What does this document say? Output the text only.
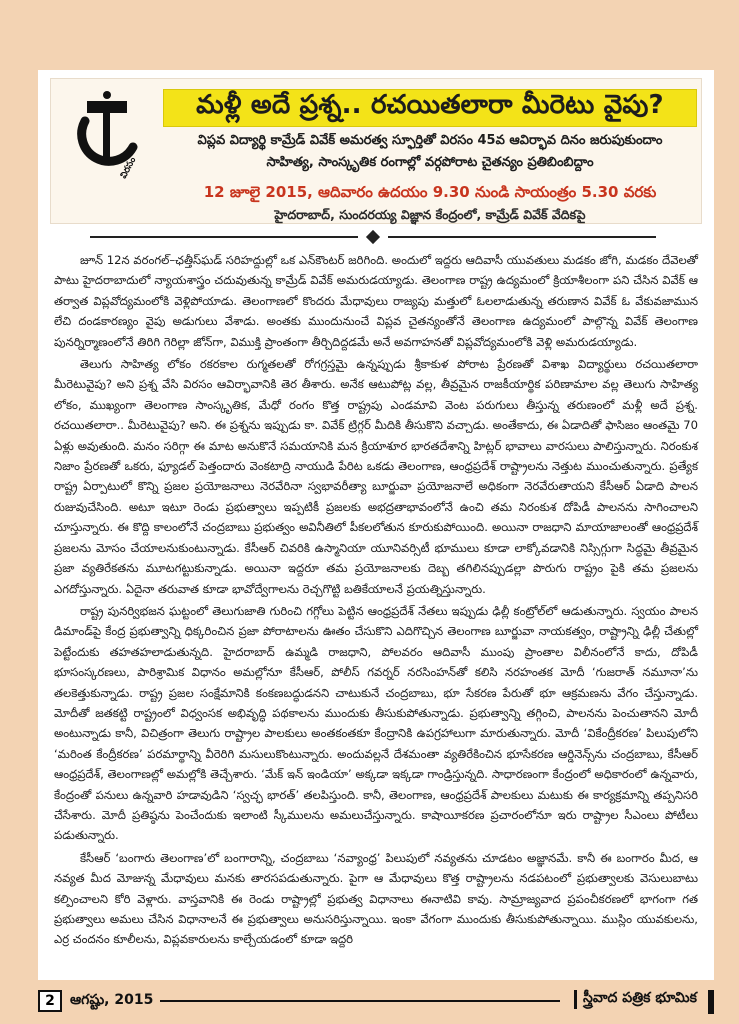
విరసం
మళ్లీ అదే ప్రశ్న.. రచయితలారా మీరెటు వైపు?
విప్లవ విద్యార్థి కామ్రేడ్ వివేక్ అమరత్వ స్ఫూర్తితో విరసం 45వ ఆవిర్భావ దినం జరుపుకుందాం
సాహిత్య, సాంస్కృతిక రంగాల్లో వర్గపోరాట చైతన్యం ప్రతిబింబిద్దాం
12 జూలై 2015, ఆదివారం ఉదయం 9.30 నుండి సాయంత్రం 5.30 వరకు
హైదరాబాద్, సుందరయ్య విజ్ఞాన కేంద్రంలో, కామ్రేడ్ వివేక్ వేదికపై

జూన్ 12న వరంగల్–ఛత్తీస్‌ఘడ్ సరిహద్దుల్లో ఒక ఎన్‌కౌంటర్ జరిగింది. అందులో ఇద్దరు ఆదివాసీ యువతులు మడకం జోగి, మడకం దేవెలతో పాటు హైదరాబాదులో న్యాయశాస్త్రం చదువుతున్న కామ్రేడ్ వివేక్ అమరుడయ్యాడు. తెలంగాణ రాష్ట్ర ఉద్యమంలో క్రియాశీలంగా పని చేసిన వివేక్ ఆ తర్వాత విప్లవోద్యమంలోకి వెళ్లిపోయాడు. తెలంగాణలో కొందరు మేధావులు రాజ్యపు మత్తులో ఓలలాడుతున్న తరుణాన వివేక్ ఓ వేకువజామున లేచి దండకారణ్యం వైపు అడుగులు వేశాడు. అంతకు ముందునుంచే విప్లవ చైతన్యంతోనే తెలంగాణ ఉద్యమంలో పాల్గొన్న వివేక్ తెలంగాణ పునర్నిర్మాణంలోనే తిరిగి గెరిల్లా జోన్‌గా, విముక్తి ప్రాంతంగా తీర్చిదిద్దడమే అనే అవగాహనతో విప్లవోద్యమంలోకి వెళ్లి అమరుడయ్యాడు.

తెలుగు సాహిత్య లోకం రకరకాల రుగ్మతలతో రోగగ్రస్తమై ఉన్నప్పుడు శ్రీకాకుళ పోరాట ప్రేరణతో విశాఖ విద్యార్థులు రచయితలారా మీరెటువైపు? అని ప్రశ్న వేసి విరసం ఆవిర్భావానికి తెర తీశారు. అనేక ఆటుపోట్ల వల్ల, తీవ్రమైన రాజకీయార్థిక పరిణామాల వల్ల తెలుగు సాహిత్య లోకం, ముఖ్యంగా తెలంగాణ సాంస్కృతిక, మేధో రంగం కొత్త రాష్ట్రపు ఎండమావి వెంట పరుగులు తీస్తున్న తరుణంలో మళ్లీ అదే ప్రశ్న. రచయితలారా.. మీరెటువైపు? అని. ఈ ప్రశ్నను ఇప్పుడు కా. వివేక్ ట్రిగ్గర్ మీదికి తీసుకొని వచ్చాడు. అంతేకాదు, ఈ ఏడాదితో ఫాసిజం ఆంతమై 70 ఏళ్లు అవుతుంది. మనం సరిగ్గా ఈ మాట అనుకొనే సమయానికి మన క్రియాశూర భారతదేశాన్ని హిట్లర్ భావాలు వారసులు పాలిస్తున్నారు. నిరంకుశ నిజాం ప్రేరణతో ఒకరు, ఫ్యూడల్ పెత్తందారు వెంకటాద్రి నాయుడి పేరిట ఒకడు తెలంగాణ, ఆంధ్రప్రదేశ్ రాష్ట్రాలను నెత్తుట ముంచుతున్నారు. ప్రత్యేక రాష్ట్ర ఏర్పాటులో కొన్ని ప్రజల ప్రయోజనాలు నెరవేరినా స్వభావరీత్యా బూర్జువా ప్రయోజనాలే అధికంగా నెరవేరుతాయని కేసీఆర్ ఏడాది పాలన రుజువుచేసింది. అటూ ఇటూ రెండు ప్రభుత్వాలు ఇప్పటికీ ప్రజలకు అభద్రతాభావంలోనే ఉంచి తమ నిరంకుశ దోపిడీ పాలనను సాగించాలని చూస్తున్నారు. ఈ కొద్ది కాలంలోనే చంద్రబాబు ప్రభుత్వం అవినీతిలో పీకలలోతున కూరుకుపోయింది. అయినా రాజధాని మాయాజాలంతో ఆంధ్రప్రదేశ్ ప్రజలను మోసం చేయాలనుకుంటున్నాడు. కేసీఆర్ చివరికి ఉస్మానియా యూనివర్సిటీ భూములు కూడా లాక్కోవడానికి నిస్సిగ్గుగా సిద్ధమై తీవ్రమైన ప్రజా వ్యతిరేకతను మూటగట్టుకున్నాడు. అయినా ఇద్దరూ తమ ప్రయోజనాలకు దెబ్బ తగిలినప్పుడల్లా పొరుగు రాష్ట్రం పైకి తమ ప్రజలను ఎగదోస్తున్నారు. ఏదైనా తరువాత కూడా భావోద్వేగాలను రెచ్చగొట్టి బతికేయాలనే ప్రయత్నిస్తున్నారు.

రాష్ట్ర పునర్విభజన ఘట్టంలో తెలుగుజాతి గురించి గగ్గోలు పెట్టిన ఆంధ్రప్రదేశ్ నేతలు ఇప్పుడు ఢిల్లీ కంట్రోల్‌లో ఆడుతున్నారు. స్వయం పాలన డిమాండ్‌పై కేంద్ర ప్రభుత్వాన్ని ధిక్కరించిన ప్రజా పోరాటాలను ఊతం చేసుకొని ఎదిగొచ్చిన తెలంగాణ బూర్జువా నాయకత్వం, రాష్ట్రాన్ని ఢిల్లీ చేతుల్లో పెట్టేందుకు తహతహలాడుతున్నది. హైదరాబాద్ ఉమ్మడి రాజధాని, పోలవరం ఆదివాసీ ముంపు ప్రాంతాల విలీనంలోనే కాదు, దోపిడీ భూసంస్కరణలు, పారిశ్రామిక విధానం అమల్లోనూ కేసీఆర్, పోలీస్ గవర్నర్ నరసింహన్‌తో కలిసి నరహంతక మోదీ ‘గుజరాత్ నమూనా’ను తలకెత్తుకున్నాడు. రాష్ట్ర ప్రజల సంక్షేమానికి కంకణబద్ధుడనని చాటుకునే చంద్రబాబు, భూ సేకరణ పేరుతో భూ ఆక్రమణను వేగం చేస్తున్నాడు. మోదీతో జతకట్టి రాష్ట్రంలో విధ్వంసక అభివృద్ధి పథకాలను ముందుకు తీసుకుపోతున్నాడు. ప్రభుత్వాన్ని తగ్గించి, పాలనను పెంచుతానని మోదీ అంటున్నాడు కానీ, విచిత్రంగా తెలుగు రాష్ట్రాల పాలకులు అంతకంతకూ కేంద్రానికి ఉపగ్రహాలుగా మారుతున్నారు. మోదీ ‘వికేంద్రీకరణ’ పిలుపులోని ‘మరింత కేంద్రీకరణ’ పరమార్థాన్ని వీరెరిగి మసులుకొంటున్నారు. అందువల్లనే దేశమంతా వ్యతిరేకించిన భూసేకరణ ఆర్డినెన్స్‌ను చంద్రబాబు, కేసీఆర్ ఆంధ్రప్రదేశ్, తెలంగాణల్లో అమల్లోకి తెచ్చేశారు. ‘మేక్ ఇన్ ఇండియా’ అక్కడా ఇక్కడా గాండ్రిస్తున్నది. సాధారణంగా కేంద్రంలో అధికారంలో ఉన్నవారు, కేంద్రంతో పనులు ఉన్నవారి హడావుడిని ‘స్వచ్ఛ భారత్’ తలపిస్తుంది. కానీ, తెలంగాణ, ఆంధ్రప్రదేశ్ పాలకులు మటుకు ఈ కార్యక్రమాన్ని తప్పనిసరి చేసేశారు. మోదీ ప్రతిష్ఠను పెంచేందుకు ఇలాంటి స్కీములను అమలుచేస్తున్నారు. కాషాయీకరణ ప్రచారంలోనూ ఇరు రాష్ట్రాల సీఎంలు పోటీలు పడుతున్నారు.

కేసీఆర్ ‘బంగారు తెలంగాణ’లో బంగారాన్ని, చంద్రబాబు ‘నవ్యాంధ్ర’ పిలుపులో నవ్యతను చూడటం అజ్ఞానమే. కానీ ఈ బంగారం మీద, ఆ నవ్యత మీద మోజున్న మేధావులు మనకు తారసపడుతున్నారు. పైగా ఆ మేధావులు కొత్త రాష్ట్రాలను నడపటంలో ప్రభుత్వాలకు వెసులుబాటు కల్పించాలని కోరి వెళ్లారు. వాస్తవానికి ఈ రెండు రాష్ట్రాల్లో ప్రభుత్వ విధానాలు ఈనాటివి కావు. సామ్రాజ్యవాద ప్రపంచీకరణలో భాగంగా గత ప్రభుత్వాలు అమలు చేసిన విధానాలనే ఈ ప్రభుత్వాలు అనుసరిస్తున్నాయి. ఇంకా వేగంగా ముందుకు తీసుకుపోతున్నాయి. ముస్లిం యువకులను, ఎర్ర చందనం కూలీలను, విప్లవకారులను కాల్చేయడంలో కూడా ఇద్దరి

2	ఆగష్టు, 2015	స్త్రీవాద పత్రిక భూమిక
